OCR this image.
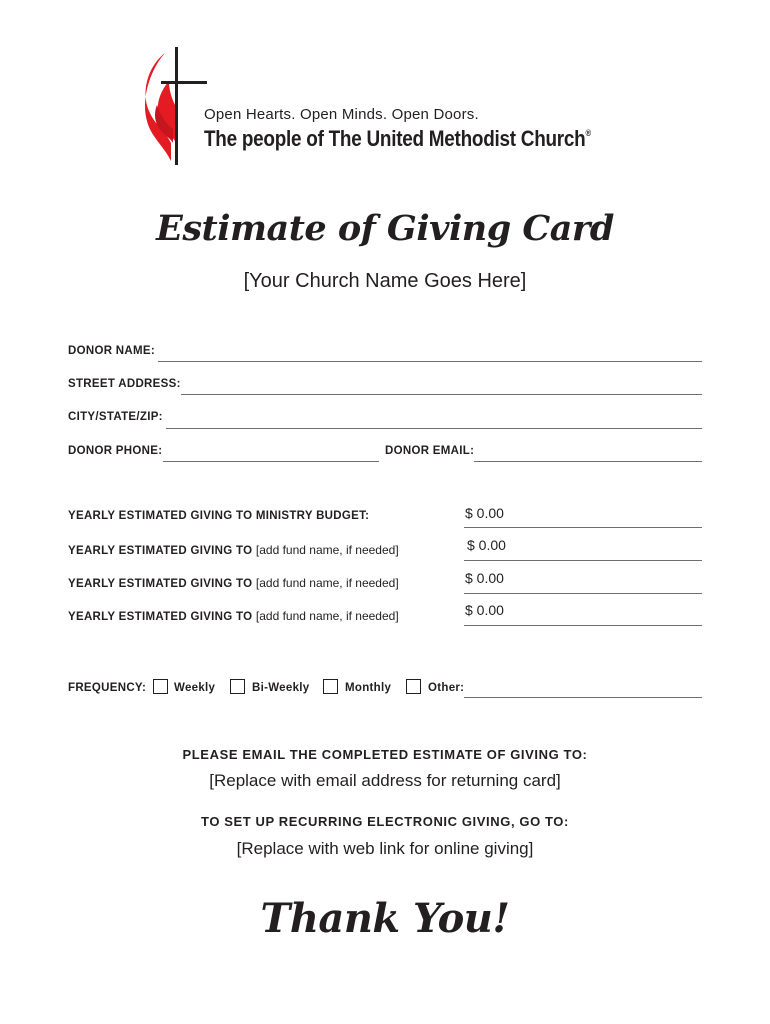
Open Hearts. Open Minds. Open Doors.
The people of The United Methodist Church®
Estimate of Giving Card
[Your Church Name Goes Here]
DONOR NAME:
STREET ADDRESS:
CITY/STATE/ZIP:
DONOR PHONE:	DONOR EMAIL:
YEARLY ESTIMATED GIVING TO MINISTRY BUDGET:	$ 0.00
YEARLY ESTIMATED GIVING TO [add fund name, if needed]	$ 0.00
YEARLY ESTIMATED GIVING TO [add fund name, if needed]	$ 0.00
YEARLY ESTIMATED GIVING TO [add fund name, if needed]	$ 0.00
FREQUENCY: Weekly	Bi-Weekly	Monthly	Other:
PLEASE EMAIL THE COMPLETED ESTIMATE OF GIVING TO:
[Replace with email address for returning card]
TO SET UP RECURRING ELECTRONIC GIVING, GO TO:
[Replace with web link for online giving]
Thank You!
